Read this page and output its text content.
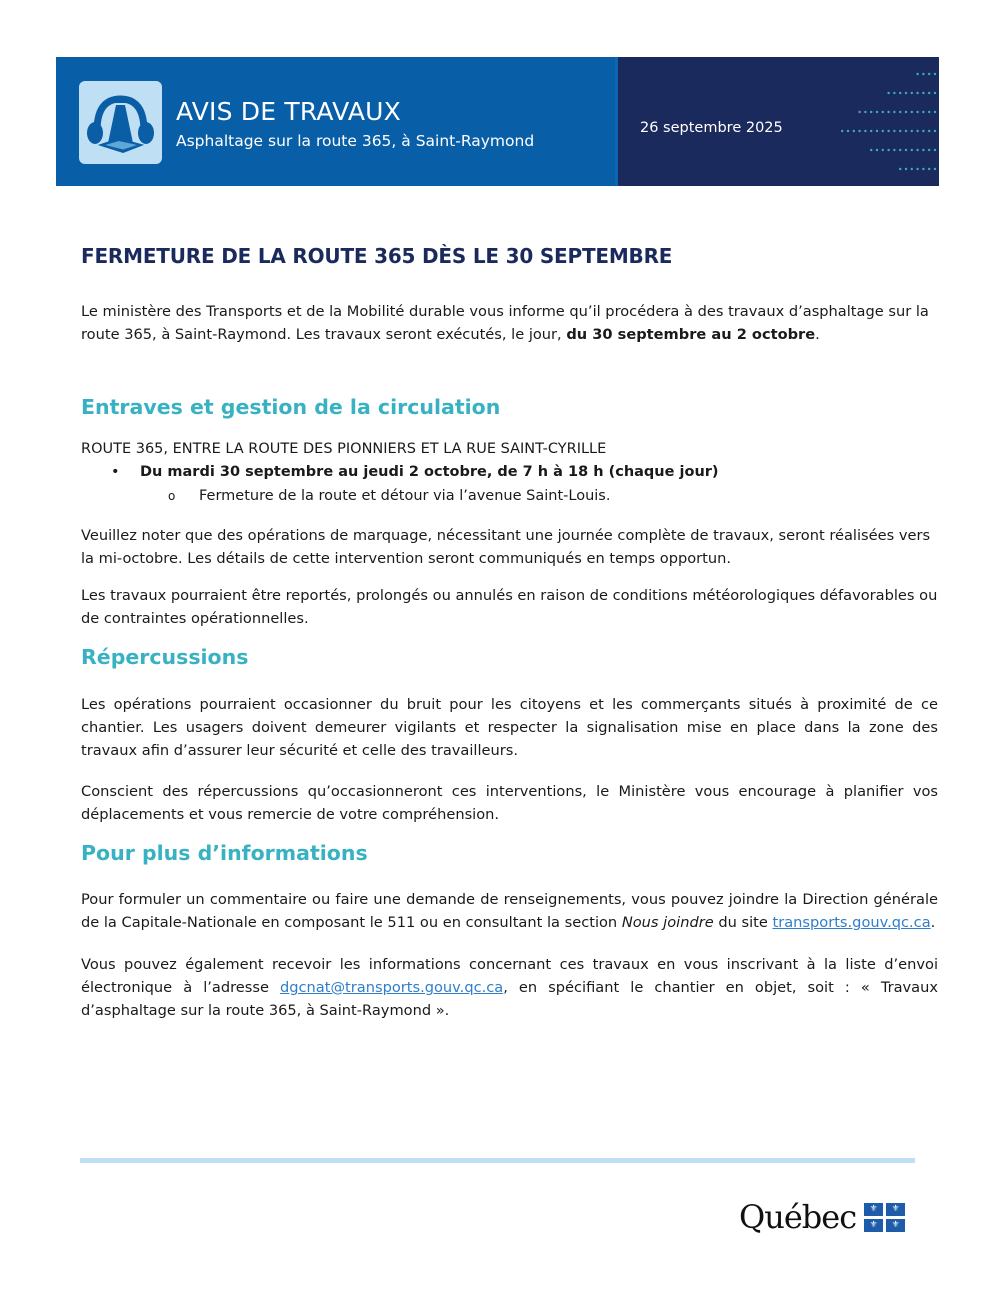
AVIS DE TRAVAUX
Asphaltage sur la route 365, à Saint-Raymond
26 septembre 2025
FERMETURE DE LA ROUTE 365 DÈS LE 30 SEPTEMBRE

Le ministère des Transports et de la Mobilité durable vous informe qu’il procédera à des travaux d’asphaltage sur la
route 365, à Saint-Raymond. Les travaux seront exécutés, le jour, du 30 septembre au 2 octobre.

Entraves et gestion de la circulation
ROUTE 365, ENTRE LA ROUTE DES PIONNIERS ET LA RUE SAINT-CYRILLE
• Du mardi 30 septembre au jeudi 2 octobre, de 7 h à 18 h (chaque jour)
o Fermeture de la route et détour via l’avenue Saint-Louis.

Veuillez noter que des opérations de marquage, nécessitant une journée complète de travaux, seront réalisées vers la mi-octobre. Les détails de cette intervention seront communiqués en temps opportun.

Les travaux pourraient être reportés, prolongés ou annulés en raison de conditions météorologiques défavorables ou de contraintes opérationnelles.

Répercussions

Les opérations pourraient occasionner du bruit pour les citoyens et les commerçants situés à proximité de ce chantier. Les usagers doivent demeurer vigilants et respecter la signalisation mise en place dans la zone des travaux afin d’assurer leur sécurité et celle des travailleurs.

Conscient des répercussions qu’occasionneront ces interventions, le Ministère vous encourage à planifier vos déplacements et vous remercie de votre compréhension.

Pour plus d’informations

Pour formuler un commentaire ou faire une demande de renseignements, vous pouvez joindre la Direction générale de la Capitale-Nationale en composant le 511 ou en consultant la section Nous joindre du site transports.gouv.qc.ca.

Vous pouvez également recevoir les informations concernant ces travaux en vous inscrivant à la liste d’envoi électronique à l’adresse dgcnat@transports.gouv.qc.ca, en spécifiant le chantier en objet, soit : « Travaux d’asphaltage sur la route 365, à Saint-Raymond ».

Québec	⚜	⚜
⚜	⚜
